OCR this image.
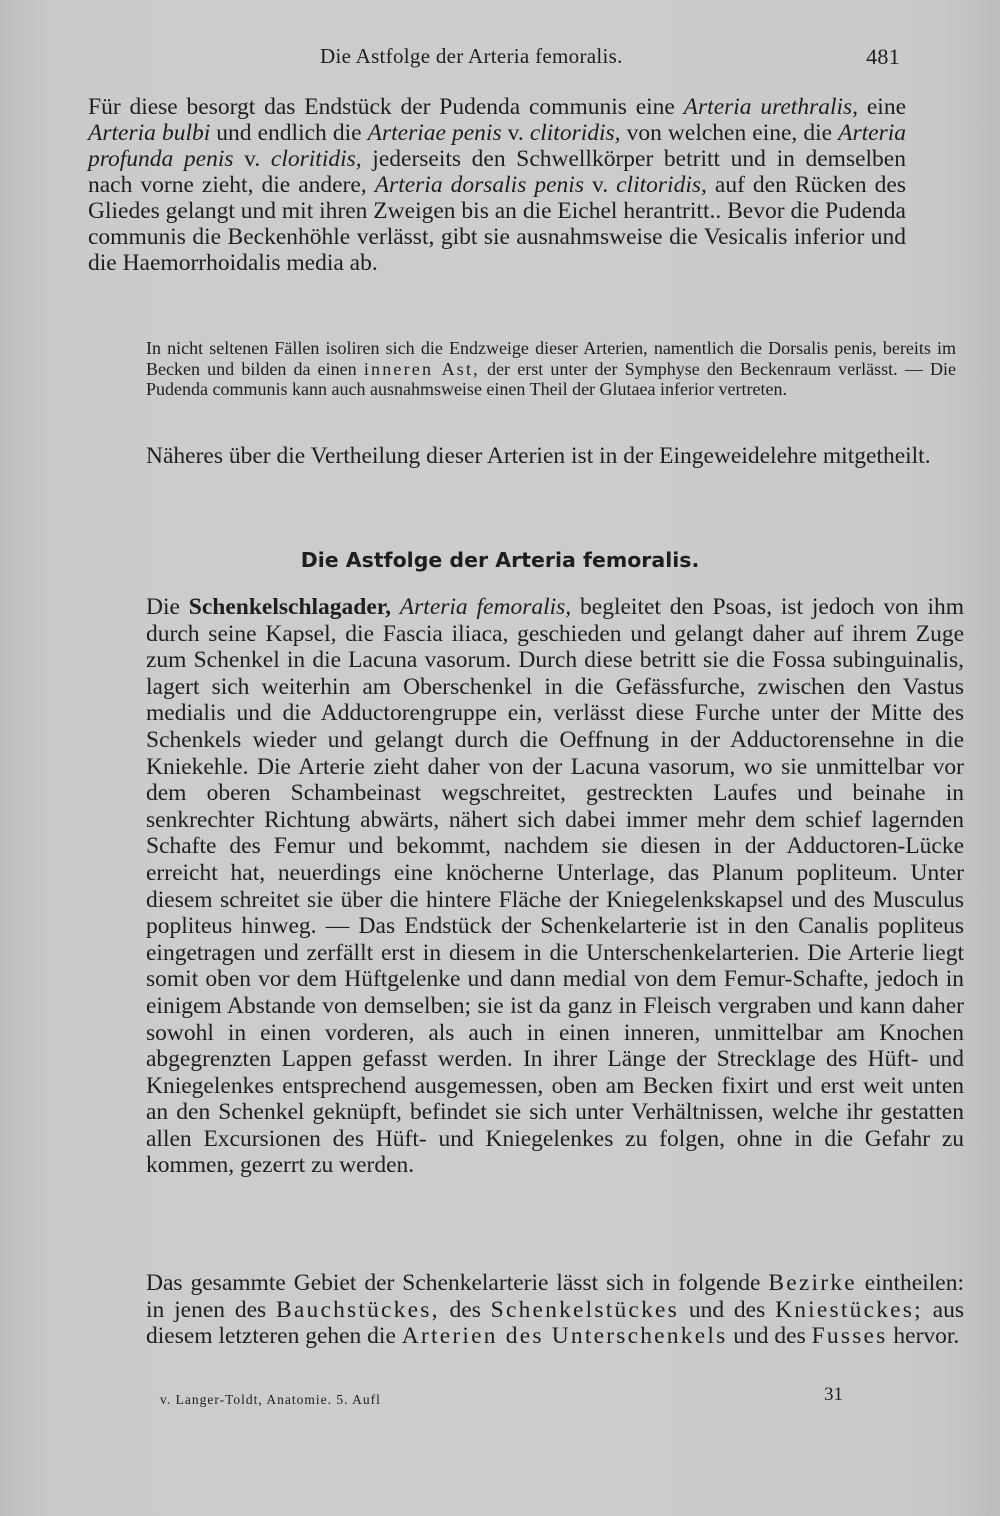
Die Astfolge der Arteria femoralis.	481

Für diese besorgt das Endstück der Pudenda communis eine Arteria urethralis, eine Arteria bulbi und endlich die Arteriae penis v. clitoridis, von welchen eine, die Arteria profunda penis v. cloritidis, jederseits den Schwellkörper betritt und in demselben nach vorne zieht, die andere, Arteria dorsalis penis v. clitoridis, auf den Rücken des Gliedes gelangt und mit ihren Zweigen bis an die Eichel herantritt.. Bevor die Pudenda communis die Beckenhöhle verlässt, gibt sie ausnahmsweise die Vesicalis inferior und die Haemorrhoidalis media ab.

In nicht seltenen Fällen isoliren sich die Endzweige dieser Arterien, namentlich die Dorsalis penis, bereits im Becken und bilden da einen inneren Ast, der erst unter der Symphyse den Beckenraum verlässt. — Die Pudenda communis kann auch ausnahmsweise einen Theil der Glutaea inferior vertreten.

Näheres über die Vertheilung dieser Arterien ist in der Eingeweidelehre mitgetheilt.

Die Astfolge der Arteria femoralis.

Die Schenkelschlagader, Arteria femoralis, begleitet den Psoas, ist jedoch von ihm durch seine Kapsel, die Fascia iliaca, geschieden und gelangt daher auf ihrem Zuge zum Schenkel in die Lacuna vasorum. Durch diese betritt sie die Fossa subinguinalis, lagert sich weiterhin am Oberschenkel in die Gefässfurche, zwischen den Vastus medialis und die Adductorengruppe ein, verlässt diese Furche unter der Mitte des Schenkels wieder und gelangt durch die Oeffnung in der Adductorensehne in die Kniekehle. Die Arterie zieht daher von der Lacuna vasorum, wo sie unmittelbar vor dem oberen Schambeinast wegschreitet, gestreckten Laufes und beinahe in senkrechter Richtung abwärts, nähert sich dabei immer mehr dem schief lagernden Schafte des Femur und bekommt, nachdem sie diesen in der Adductoren-Lücke erreicht hat, neuerdings eine knöcherne Unterlage, das Planum popliteum. Unter diesem schreitet sie über die hintere Fläche der Kniegelenkskapsel und des Musculus popliteus hinweg. — Das Endstück der Schenkelarterie ist in den Canalis popliteus eingetragen und zerfällt erst in diesem in die Unterschenkelarterien. Die Arterie liegt somit oben vor dem Hüftgelenke und dann medial von dem Femur-Schafte, jedoch in einigem Abstande von demselben; sie ist da ganz in Fleisch vergraben und kann daher sowohl in einen vorderen, als auch in einen inneren, unmittelbar am Knochen abgegrenzten Lappen gefasst werden. In ihrer Länge der Strecklage des Hüft- und Kniegelenkes entsprechend ausgemessen, oben am Becken fixirt und erst weit unten an den Schenkel geknüpft, befindet sie sich unter Verhältnissen, welche ihr gestatten allen Excursionen des Hüft- und Kniegelenkes zu folgen, ohne in die Gefahr zu kommen, gezerrt zu werden.

Das gesammte Gebiet der Schenkelarterie lässt sich in folgende Bezirke eintheilen: in jenen des Bauchstückes, des Schenkelstückes und des Kniestückes; aus diesem letzteren gehen die Arterien des Unterschenkels und des Fusses hervor.

v. Langer-Toldt, Anatomie. 5. Aufl	31
